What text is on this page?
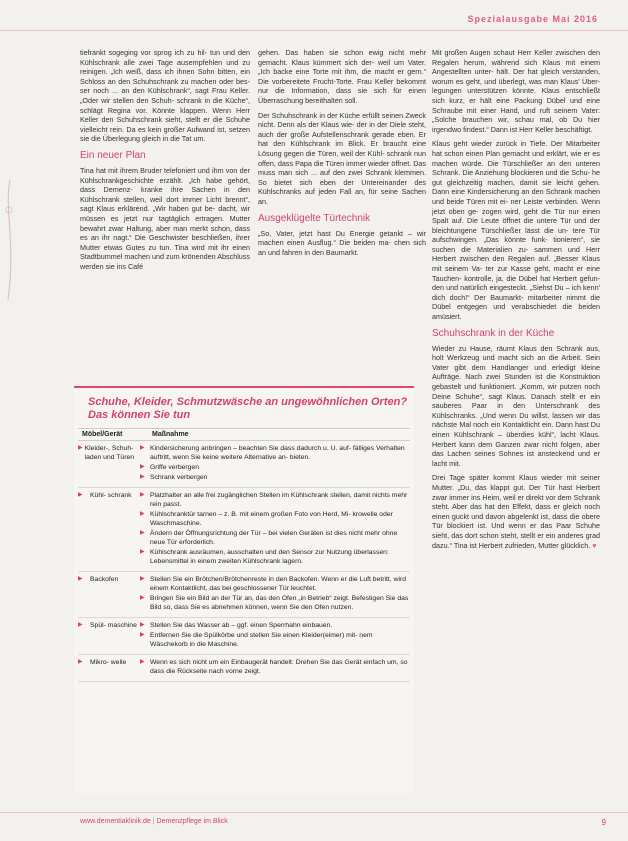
Spezialausgabe Mai 2016

tiefrankt sogeging vor sprog ich zu hil- tun und den Kühlschrank alle zwei Tage ausempfehlen und zu reinigen. „Ich weiß, dass ich ihnen Sohn bitten, ein Schloss an den Schuhschrank zu machen oder bes- ser noch ... an den Kühlschrank“, sagt Frau Keller. „Oder wir stellen den Schuh- schrank in die Küche“, schlägt Regina vor. Könnte klappen. Wenn Herr Keller den Schuhschrank sieht, stellt er die Schuhe vielleicht rein. Da es kein großer Aufwand ist, setzen sie die Überlegung gleich in die Tat um.

Ein neuer Plan

Tina hat mit ihrem Bruder telefoniert und ihm von der Kühlschrankgeschichte erzählt. „Ich habe gehört, dass Demenz- kranke ihre Sachen in den Kühlschrank stellen, weil dort immer Licht brennt“, sagt Klaus erklärend. „Wir haben gut be- dacht, wir müssen es jetzt nur tagtäglich ertragen. Mutter bewahrt zwar Haltung, aber man merkt schon, dass es an ihr nagt.“ Die Geschwister beschließen, ihrer Mutter etwas Gutes zu tun. Tina wird mit ihr einen Stadtbummel machen und zum krönenden Abschluss werden sie ins Café

gehen. Das haben sie schon ewig nicht mehr gemacht. Klaus kümmert sich der- weil um Vater. „Ich backe eine Torte mit ihm, die macht er gern.“ Die vorbereitete Frucht-Torte. Frau Keller bekommt nur die Information, dass sie sich für einen Überraschung bereithalten soll.

Der Schuhschrank in der Küche erfüllt seinen Zweck nicht. Denn als der Klaus wie- der in der Diele steht, auch der große Aufstellenschrank gerade eben. Er hat den Kühlschrank im Blick. Er braucht eine Lösung gegen die Türen, weil der Kühl- schrank nun offen, dass Papa die Türen immer wieder öffnet. Das muss man sich ... auf den zwei Schrank klemmen. So bietet sich eben der Untereinander des Kühlschranks auf jeden Fall an, für seine Sachen an.

Ausgeklügelte Türtechnik

„So, Vater, jetzt hast Du Energie getankt – wir machen einen Ausflug.“ Die beiden ma- chen sich an und fahren in den Baumarkt.

Mit großen Augen schaut Herr Keller zwischen den Regalen herum, während sich Klaus mit einem Angestellten unter- hält. Der hat gleich verstanden, worum es geht, und überlegt, was man Klaus' Über- legungen unterstützen könnte. Klaus entschließt sich kurz, er hält eine Packung Dübel und eine Schraube mit einer Hand, und ruft seinem Vater: „Solche brauchen wir, schau mal, ob Du hier irgendwo findest.“ Dann ist Herr Keller beschäftigt.

Klaus geht wieder zurück in Tiefe. Der Mitarbeiter hat schon einen Plan gemacht und erklärt, wie er es machen würde. Die Türschließer an den unteren Schrank. Die Anziehung blockieren und die Schu- he gut gleichzeitig machen, damit sie leicht gehen. Dann eine Kindersicherung an den Schrank machen und beide Türen mit ei- ner Leiste verbinden. Wenn jetzt oben ge- zogen wird, geht die Tür nur einen Spalt auf. Die Leute öffnet die untere Tür und der bleichtungene Türschließer lässt die un- tere Tür aufschwingen. „Das könnte funk- tionieren“, sie suchen die Materialien zu- sammen und Herr Herbert zwischen den Regalen auf. „Besser Klaus mit seinem Va- ter zur Kasse geht, macht er eine Tauchen- kontrolle, ja, die Dübel hat Herbert gefun- den und natürlich eingesteckt. „Siehst Du – ich kenn' dich doch!“ Der Baumarkt- mitarbeiter nimmt die Dübel entgegen und verabschiedet die beiden amüsiert.

Schuhschrank in der Küche

Wieder zu Hause, räumt Klaus den Schrank aus, holt Werkzeug und macht sich an die Arbeit. Sein Vater gibt dem Handlanger und erledigt kleine Aufträge. Nach zwei Stunden ist die Konstruktion gebastelt und funktioniert. „Komm, wir putzen noch Deine Schuhe“, sagt Klaus. Danach stellt er ein sauberes Paar in den Unterschrank des Kühlschranks. „Und wenn Du willst, lassen wir das nächste Mal noch ein Kontaktlicht ein. Dann hast Du einen Kühlschrank – überdies kühl“, lacht Klaus. Herbert kann dem Ganzen zwar nicht folgen, aber das Lachen seines Sohnes ist ansteckend und er lacht mit.

Drei Tage später kommt Klaus wieder mit seiner Mutter. „Du, das klappt gut. Der Tür hast Herbert zwar immer ins Heim, weil er direkt vor dem Schrank steht. Aber das hat den Effekt, dass er gleich noch einen guckt und davon abgelenkt ist, dass die obere Tür blockiert ist. Und wenn er das Paar Schuhe sieht, das dort schon steht, stellt er ein anderes grad dazu.“ Tina ist Herbert zufrieden, Mutter glücklich. ♥

Schuhe, Kleider, Schmutzwäsche an ungewöhnlichen Orten? Das können Sie tun
Möbel/Gerät	Maßnahme
▶ Kleider-, Schuh- laden und Türen
▶ Kindersicherung anbringen – beachten Sie dass dadurch u. U. auf- fälliges Verhalten auftritt, wenn Sie keine weitere Alternative an- bieten.
▶ Griffe verbergen
▶ Schrank verbergen
▶	Kühl- schrank ▶ Platzhalter an alle frei zugänglichen Stellen im Kühlschrank stellen, damit nichts mehr rein passt.
▶ Kühlschranktür tarnen – z. B. mit einem großen Foto von Herd, Mi- krowelle oder Waschmaschine.
▶ Ändern der Öffnungsrichtung der Tür – bei vielen Geräten ist dies nicht mehr ohne neue Tür erforderlich.
▶ Kühlschrank ausräumen, ausschalten und den Sensor zur Nutzung überlassen: Lebensmittel in einem zweiten Kühlschrank lagern.
▶	Backofen	▶ Stellen Sie ein Brötchen/Brötchenreste in den Backofen. Wenn er die Luft betritt, wird einem Kontaktlicht, das bei geschlossener Tür leuchtet.
▶ Bringen Sie ein Bild an der Tür an, das den Ofen „in Betrieb“ zeigt. Befestigen Sie das Bild so, dass Sie es abnehmen können, wenn Sie den Ofen nutzen.
▶	Spül- maschine ▶ Stellen Sie das Wasser ab – ggf. einen Sperrhahn einbauen.
▶ Entfernen Sie die Spülkörbe und stellen Sie einen Kleider(eimer) mit- nem Wäschekorb in die Maschine.
▶	Mikro- welle ▶ Wenn es sich nicht um ein Einbaugerät handelt: Drehen Sie das Gerät einfach um, so dass die Rückseite nach vorne zeigt.
www.dementiaklinik.de | Demenzpflege im Blick	9
